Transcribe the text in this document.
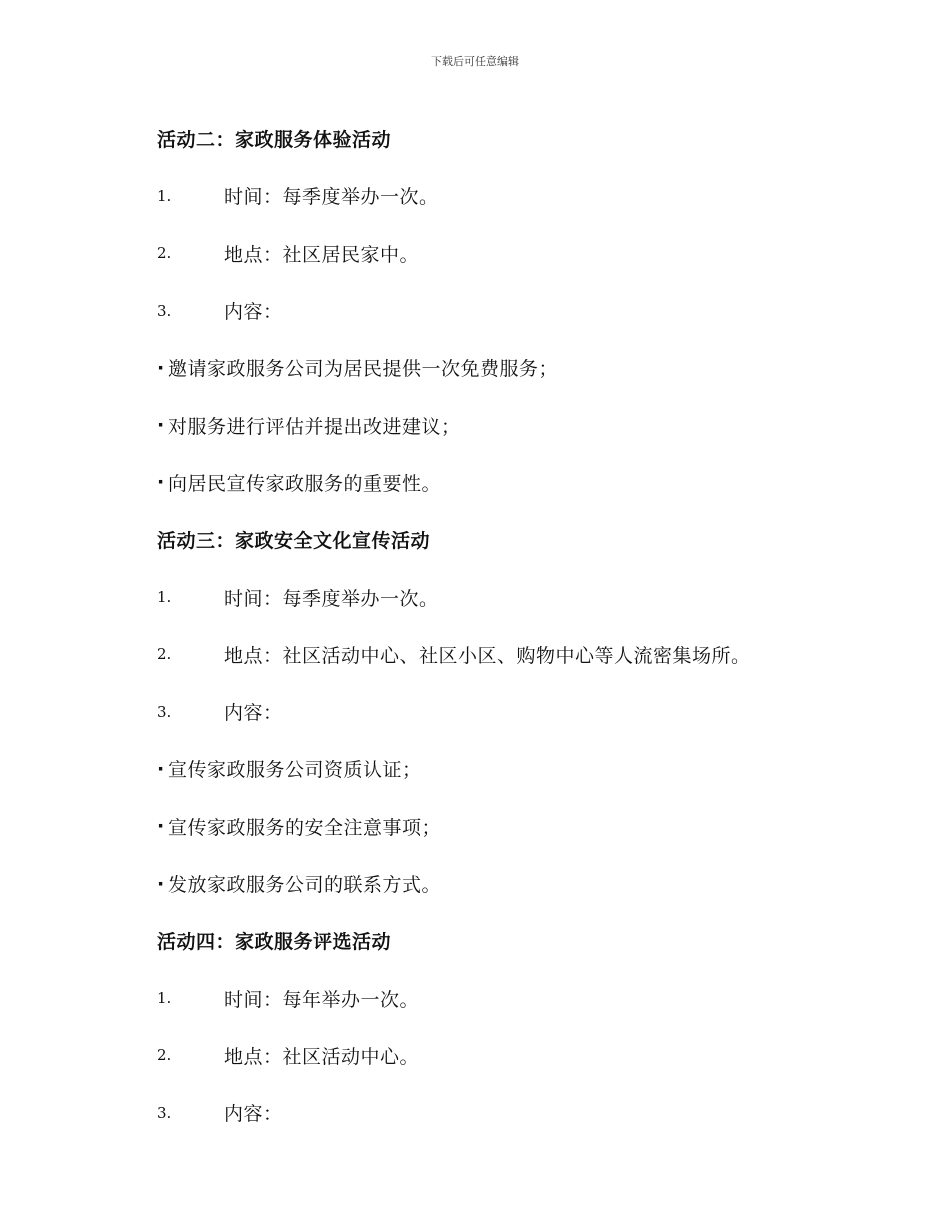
下载后可任意编辑
活动二：家政服务体验活动
1.	时间：每季度举办一次。
2.	地点：社区居民家中。
3.	内容：
· 邀请家政服务公司为居民提供一次免费服务；
· 对服务进行评估并提出改进建议；
· 向居民宣传家政服务的重要性。
活动三：家政安全文化宣传活动
1.	时间：每季度举办一次。
2.	地点：社区活动中心、社区小区、购物中心等人流密集场所。
3.	内容：
· 宣传家政服务公司资质认证；
· 宣传家政服务的安全注意事项；
· 发放家政服务公司的联系方式。
活动四：家政服务评选活动
1.	时间：每年举办一次。
2.	地点：社区活动中心。
3.	内容：
